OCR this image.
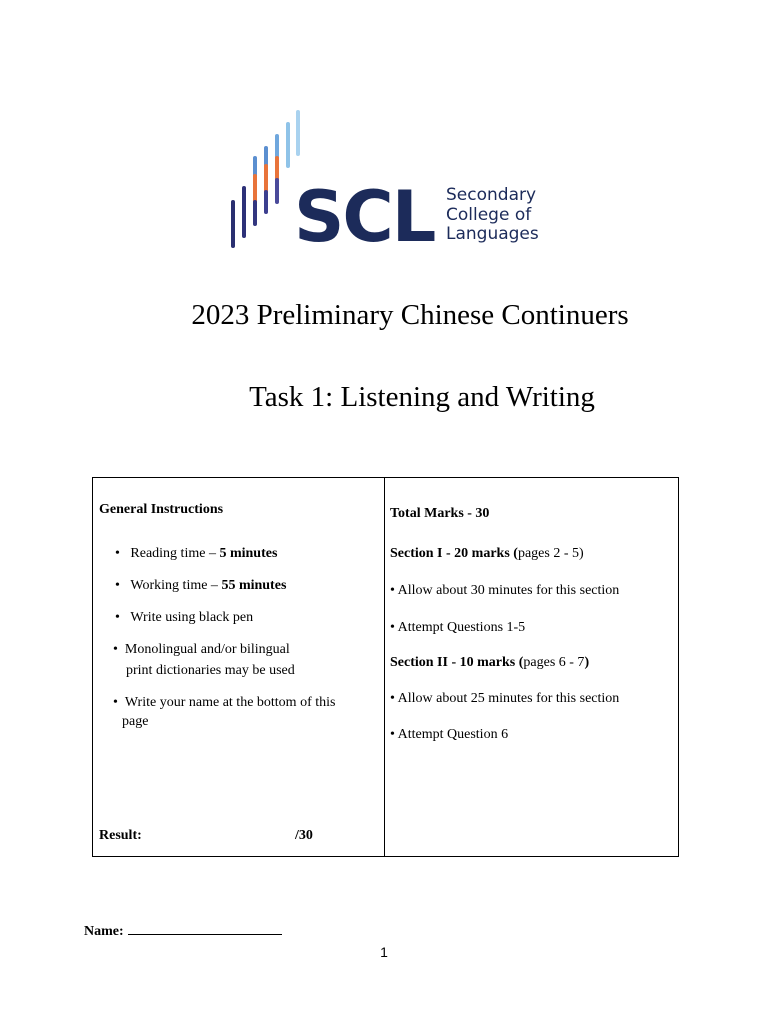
SCL Secondary
College of
Languages
2023 Preliminary Chinese Continuers
Task 1: Listening and Writing
General Instructions
•   Reading time – 5 minutes
•   Working time – 55 minutes
•   Write using black pen
•  Monolingual and/or bilingual
print dictionaries may be used
•  Write your name at the bottom of this
page
Result:	/30
Total Marks - 30
Section I - 20 marks (pages 2 - 5)
• Allow about 30 minutes for this section
• Attempt Questions 1-5
Section II - 10 marks (pages 6 - 7)
• Allow about 25 minutes for this section
• Attempt Question 6
Name:
1
